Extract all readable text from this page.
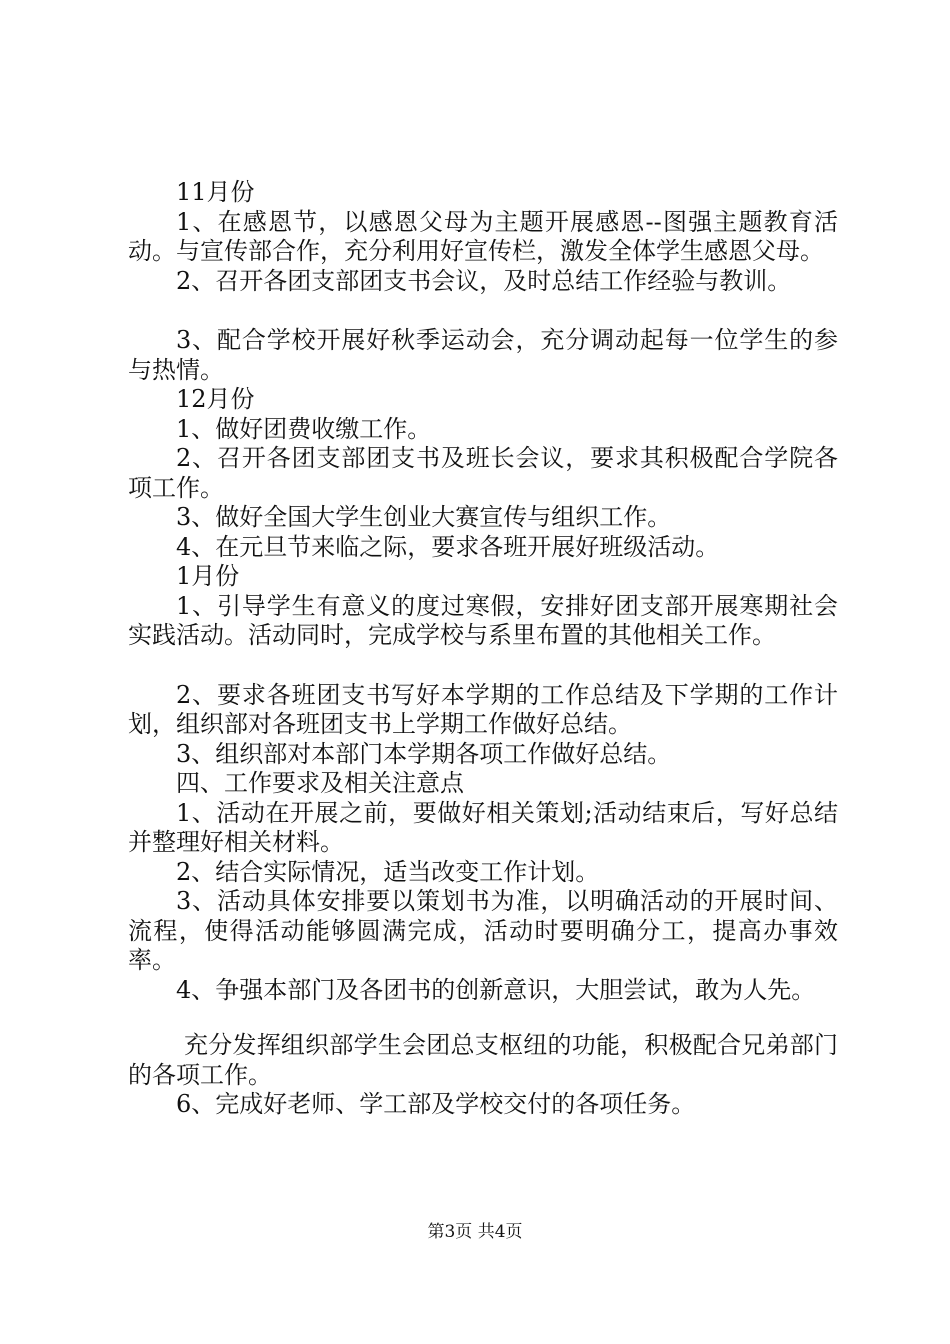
11月份

1、在感恩节，以感恩父母为主题开展感恩--图强主题教育活动。与宣传部合作，充分利用好宣传栏，激发全体学生感恩父母。

2、召开各团支部团支书会议，及时总结工作经验与教训。

3、配合学校开展好秋季运动会，充分调动起每一位学生的参与热情。

12月份

1、做好团费收缴工作。

2、召开各团支部团支书及班长会议，要求其积极配合学院各项工作。

3、做好全国大学生创业大赛宣传与组织工作。

4、在元旦节来临之际，要求各班开展好班级活动。

1月份

1、引导学生有意义的度过寒假，安排好团支部开展寒期社会实践活动。活动同时，完成学校与系里布置的其他相关工作。

2、要求各班团支书写好本学期的工作总结及下学期的工作计划，组织部对各班团支书上学期工作做好总结。

3、组织部对本部门本学期各项工作做好总结。

四、工作要求及相关注意点

1、活动在开展之前，要做好相关策划;活动结束后，写好总结并整理好相关材料。

2、结合实际情况，适当改变工作计划。

3、活动具体安排要以策划书为准，以明确活动的开展时间、流程，使得活动能够圆满完成，活动时要明确分工，提高办事效率。

4、争强本部门及各团书的创新意识，大胆尝试，敢为人先。

充分发挥组织部学生会团总支枢纽的功能，积极配合兄弟部门的各项工作。

6、完成好老师、学工部及学校交付的各项任务。

第3页 共4页
